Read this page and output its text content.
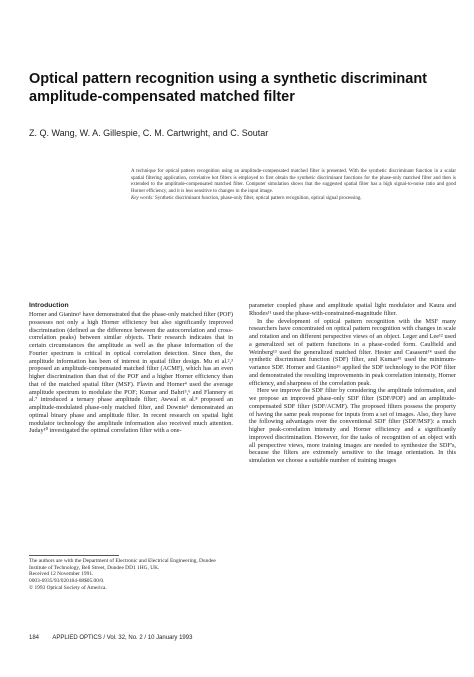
Optical pattern recognition using a synthetic discriminant amplitude-compensated matched filter
Z. Q. Wang, W. A. Gillespie, C. M. Cartwright, and C. Soutar
A technique for optical pattern recognition using an amplitude-compensated matched filter is presented. With the synthetic discriminant function in a scalar spatial filtering application, correlative hot filters is employed to first obtain the synthetic discriminant functions for the phase-only matched filter and then is extended to the amplitude-compensated matched filter. Computer simulation shows that the suggested spatial filter has a high signal-to-noise ratio and good Horner efficiency, and it is less sensitive to changes in the input image.
Key words: Synthetic discriminant function, phase-only filter, optical pattern recognition, optical signal processing.
Introduction

Horner and Gianino¹ have demonstrated that the phase-only matched filter (POF) possesses not only a high Horner efficiency but also significantly improved discrimination (defined as the difference between the autocorrelation and cross-correlation peaks) between similar objects. Their research indicates that in certain circumstances the amplitude as well as the phase information of the Fourier spectrum is critical in optical correlation detection. Since then, the amplitude information has been of interest in spatial filter design. Mu et al.²,³ proposed an amplitude-compensated matched filter (ACMF), which has an even higher discrimination than that of the POF and a higher Horner efficiency than that of the matched spatial filter (MSF). Flavin and Horner⁴ used the average amplitude spectrum to modulate the POF; Kumar and Bahri⁵,⁶ and Flannery et al.⁷ introduced a ternary phase amplitude filter; Awwal et al.⁸ proposed an amplitude-modulated phase-only matched filter, and Downie⁹ demonstrated an optimal binary phase and amplitude filter. In recent research on spatial light modulator technology the amplitude information also received much attention. Juday¹⁰ investigated the optimal correlation filter with a one-

parameter coupled phase and amplitude spatial light modulator and Kaura and Rhodes¹¹ used the phase-with-constrained-magnitude filter.

In the development of optical pattern recognition with the MSF many researchers have concentrated on optical pattern recognition with changes in scale and rotation and on different perspective views of an object. Leger and Lee¹² used a generalized set of pattern functions in a phase-coded form. Caulfield and Weinberg¹³ used the generalized matched filter. Hester and Casasent¹⁴ used the synthetic discriminant function (SDF) filter, and Kumar¹⁵ used the minimum-variance SDF. Horner and Gianino¹⁶ applied the SDF technology to the POF filter and demonstrated the resulting improvements in peak correlation intensity, Horner efficiency, and sharpness of the correlation peak.

Here we improve the SDF filter by considering the amplitude information, and we propose an improved phase-only SDF filter (SDF/POF) and an amplitude-compensated SDF filter (SDF/ACMF). The proposed filters possess the property of having the same peak response for inputs from a set of images. Also, they have the following advantages over the conventional SDF filter (SDF/MSF): a much higher peak-correlation intensity and Horner efficiency and a significantly improved discrimination. However, for the tasks of recognition of an object with all perspective views, more training images are needed to synthesize the SDF's, because the filters are extremely sensitive to the image orientation. In this simulation we choose a suitable number of training images

The authors are with the Department of Electronic and Electrical Engineering, Dundee Institute of Technology, Bell Street, Dundee DD1 1HG, UK.
Received 12 November 1991.
0003-6935/93/020184-08$05.00/0.
© 1993 Optical Society of America.
184 APPLIED OPTICS / Vol. 32, No. 2 / 10 January 1993
